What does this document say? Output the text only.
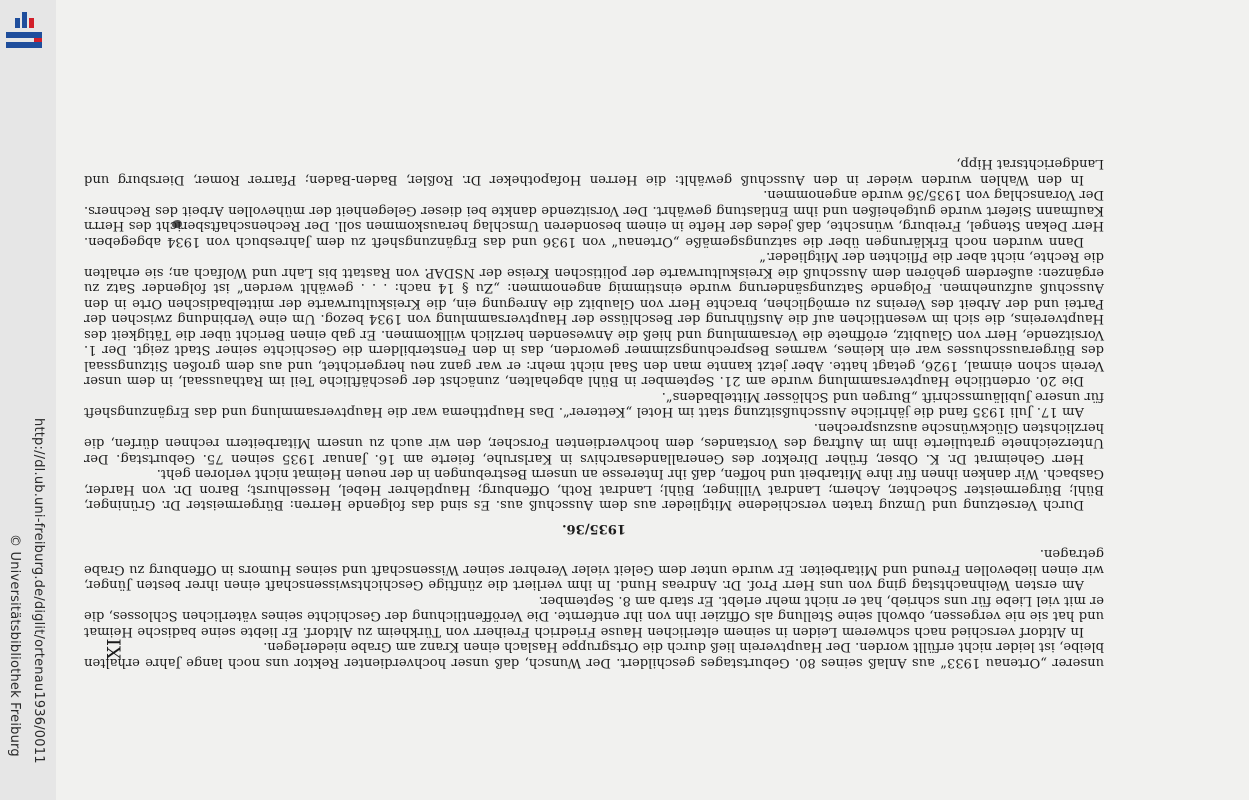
http://dl.ub.uni-freiburg.de/diglit/ortenau1936/0011
© Universitätsbibliothek Freiburg	XI

unserer „Ortenau 1933“ aus Anlaß seines 80. Geburtstages geschildert. Der Wunsch, daß unser hochverdienter Rektor uns noch lange Jahre erhalten bleibe, ist leider nicht erfüllt worden. Der Hauptverein ließ durch die Ortsgruppe Haslach einen Kranz am Grabe niederlegen.

In Altdorf verschied nach schwerem Leiden in seinem elterlichen Hause Friedrich Freiherr von Türkheim zu Altdorf. Er liebte seine badische Heimat und hat sie nie vergessen, obwohl seine Stellung als Offizier ihn von ihr entfernte. Die Veröffentlichung der Geschichte seines väterlichen Schlosses, die er mit viel Liebe für uns schrieb, hat er nicht mehr erlebt. Er starb am 8. September.

Am ersten Weihnachtstag ging von uns Herr Prof. Dr. Andreas Hund. In ihm verliert die zünftige Geschichtswissenschaft einen ihrer besten Jünger, wir einen liebevollen Freund und Mitarbeiter. Er wurde unter dem Geleit vieler Verehrer seiner Wissenschaft und seines Humors in Offenburg zu Grabe getragen.

1935/36.

Durch Versetzung und Umzug traten verschiedene Mitglieder aus dem Ausschuß aus. Es sind das folgende Herren: Bürgermeister Dr. Grüninger, Bühl; Bürgermeister Schechter, Achern; Landrat Villinger, Bühl; Landrat Roth, Offenburg; Hauptlehrer Hebel, Hesselhurst; Baron Dr. von Harder, Gasbach. Wir danken ihnen für ihre Mitarbeit und hoffen, daß ihr Interesse an unsern Bestrebungen in der neuen Heimat nicht verloren geht.

Herr Geheimrat Dr. K. Obser, früher Direktor des Generallandesarchivs in Karlsruhe, feierte am 16. Januar 1935 seinen 75. Geburtstag. Der Unterzeichnete gratulierte ihm im Auftrag des Vorstandes, dem hochverdienten Forscher, den wir auch zu unsern Mitarbeitern rechnen dürfen, die herzlichsten Glückwünsche auszusprechen.

Am 17. Juli 1935 fand die jährliche Ausschußsitzung statt im Hotel „Ketterer“. Das Hauptthema war die Hauptversammlung und das Ergänzungsheft für unsere Jubiläumsschrift „Burgen und Schlösser Mittelbadens“.

Die 20. ordentliche Hauptversammlung wurde am 21. September in Bühl abgehalten, zunächst der geschäftliche Teil im Rathaussaal, in dem unser Verein schon einmal, 1926, getagt hatte. Aber jetzt kannte man den Saal nicht mehr: er war ganz neu hergerichtet, und aus dem großen Sitzungssaal des Bürgerausschusses war ein kleines, warmes Besprechungszimmer geworden, das in den Fensterbildern die Geschichte seiner Stadt zeigt. Der 1. Vorsitzende, Herr von Glaubitz, eröffnete die Versammlung und hieß die Anwesenden herzlich willkommen. Er gab einen Bericht über die Tätigkeit des Hauptvereins, die sich im wesentlichen auf die Ausführung der Beschlüsse der Hauptversammlung von 1934 bezog. Um eine Verbindung zwischen der Partei und der Arbeit des Vereins zu ermöglichen, brachte Herr von Glaubitz die Anregung ein, die Kreiskulturwarte der mittelbadischen Orte in den Ausschuß aufzunehmen. Folgende Satzungsänderung wurde einstimmig angenommen: „Zu § 14 nach: . . . gewählt werden“ ist folgender Satz zu ergänzen: außerdem gehören dem Ausschuß die Kreiskulturwarte der politischen Kreise der NSDAP. von Rastatt bis Lahr und Wolfach an; sie erhalten die Rechte, nicht aber die Pflichten der Mitglieder.“

Dann wurden noch Erklärungen über die satzungsgemäße „Ortenau“ von 1936 und das Ergänzungsheft zu dem Jahresbuch von 1934 abgegeben. Herr Dekan Stengel, Freiburg, wünschte, daß jedes der Hefte in einem besonderen Umschlag herauskommen soll. Der Rechenschaftsbericht des Herrn Kaufmann Siefert wurde gutgeheißen und ihm Entlastung gewährt. Der Vorsitzende dankte bei dieser Gelegenheit der mühevollen Arbeit des Rechners. Der Voranschlag von 1935/36 wurde angenommen.

In den Wahlen wurden wieder in den Ausschuß gewählt: die Herren Hofapotheker Dr. Roßler, Baden-Baden; Pfarrer Romer, Diersburg und Landgerichtsrat Hipp,
